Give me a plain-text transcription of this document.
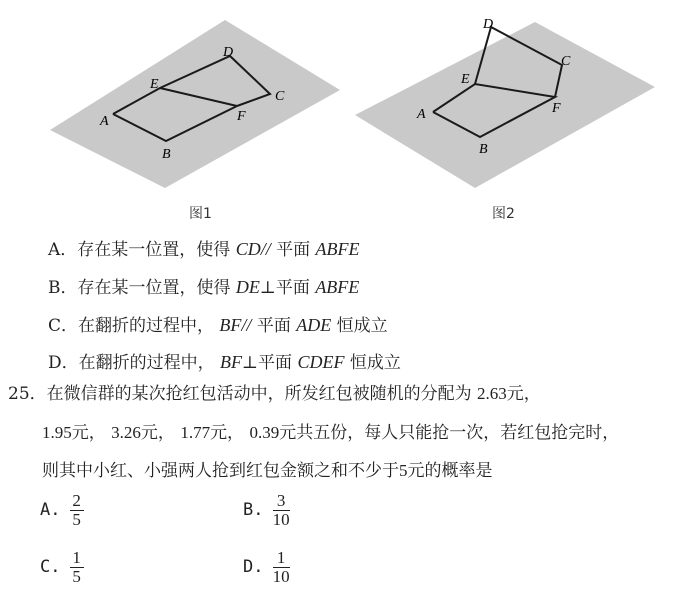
A
B
E
D
C
F
图1
D
C
E
A	F
B
图2
A．存在某一位置，使得 CD// 平面 ABFE
B．存在某一位置，使得 DE⊥平面 ABFE
C．在翻折的过程中， BF// 平面 ADE 恒成立
D．在翻折的过程中， BF⊥平面 CDEF 恒成立
25．在微信群的某次抢红包活动中，所发红包被随机的分配为 2.63元，
1.95元， 3.26元， 1.77元， 0.39元共五份，每人只能抢一次，若红包抢完时，
则其中小红、小强两人抢到红包金额之和不少于5元的概率是
A. $\frac{2}{5}$	B. $\frac{3}{10}$
C. $\frac{1}{5}$	D. $\frac{1}{10}$
